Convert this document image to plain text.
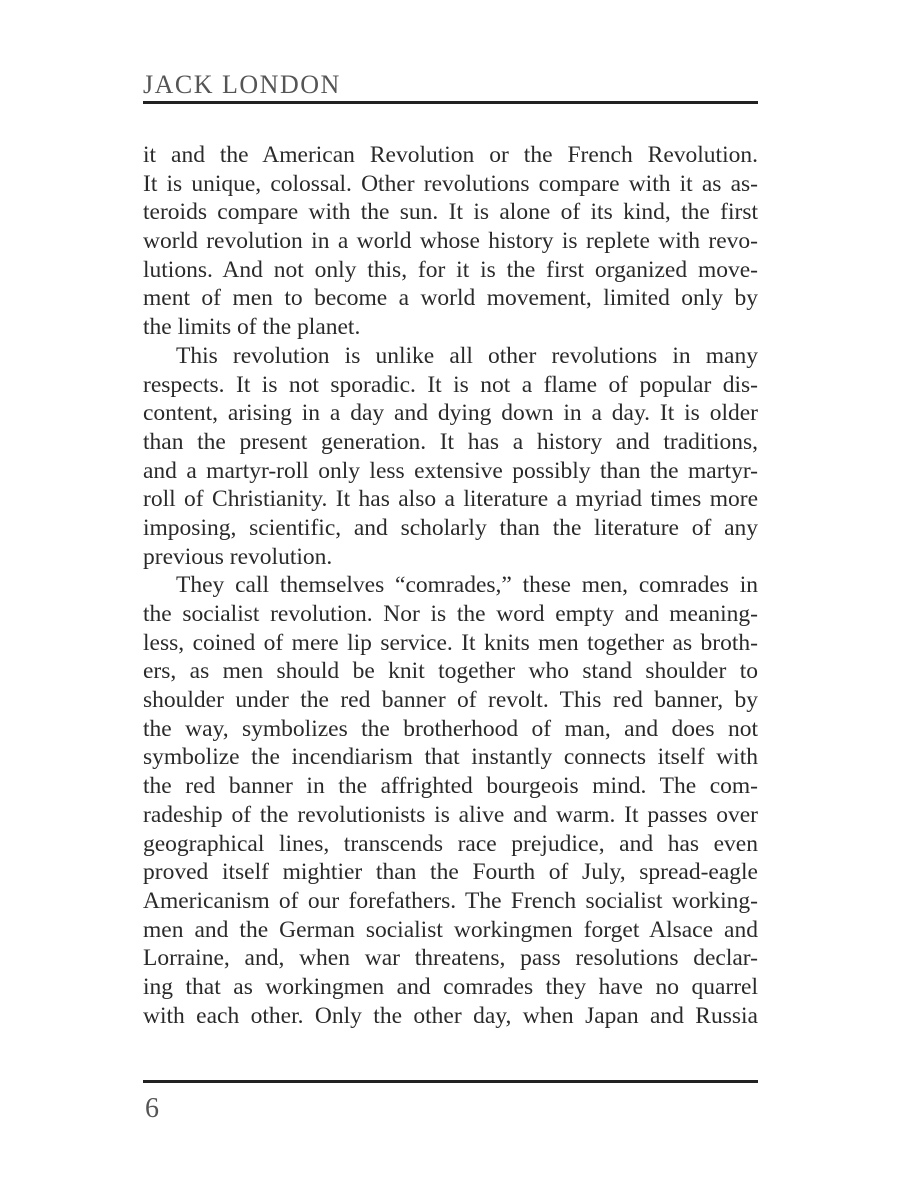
JACK LONDON
it and the American Revolution or the French Revolution.
It is unique, colossal. Other revolutions compare with it as as-
teroids compare with the sun. It is alone of its kind, the first
world revolution in a world whose history is replete with revo-
lutions. And not only this, for it is the first organized move-
ment of men to become a world movement, limited only by
the limits of the planet.
This revolution is unlike all other revolutions in many
respects. It is not sporadic. It is not a flame of popular dis-
content, arising in a day and dying down in a day. It is older
than the present generation. It has a history and traditions,
and a martyr-roll only less extensive possibly than the martyr-
roll of Christianity. It has also a literature a myriad times more
imposing, scientific, and scholarly than the literature of any
previous revolution.
They call themselves “comrades,” these men, comrades in
the socialist revolution. Nor is the word empty and meaning-
less, coined of mere lip service. It knits men together as broth-
ers, as men should be knit together who stand shoulder to
shoulder under the red banner of revolt. This red banner, by
the way, symbolizes the brotherhood of man, and does not
symbolize the incendiarism that instantly connects itself with
the red banner in the affrighted bourgeois mind. The com-
radeship of the revolutionists is alive and warm. It passes over
geographical lines, transcends race prejudice, and has even
proved itself mightier than the Fourth of July, spread-eagle
Americanism of our forefathers. The French socialist working-
men and the German socialist workingmen forget Alsace and
Lorraine, and, when war threatens, pass resolutions declar-
ing that as workingmen and comrades they have no quarrel
with each other. Only the other day, when Japan and Russia
6
